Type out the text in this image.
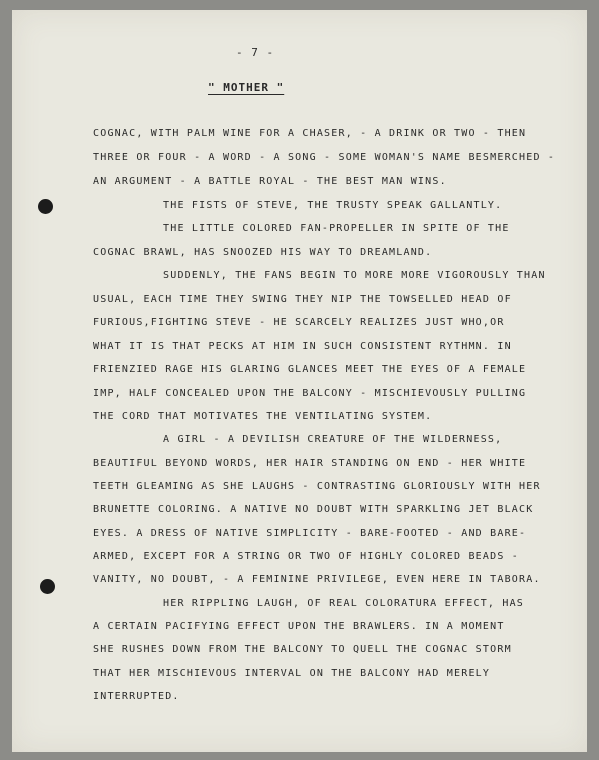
- 7 -
" MOTHER "
COGNAC, WITH PALM WINE FOR A CHASER, - A DRINK OR TWO - THEN
THREE OR FOUR - A WORD - A SONG - SOME WOMAN'S NAME BESMERCHED -
AN ARGUMENT - A BATTLE ROYAL - THE BEST MAN WINS.
THE FISTS OF STEVE, THE TRUSTY SPEAK GALLANTLY.
THE LITTLE COLORED FAN-PROPELLER IN SPITE OF THE
COGNAC BRAWL, HAS SNOOZED HIS WAY TO DREAMLAND.
SUDDENLY, THE FANS BEGIN TO MORE MORE VIGOROUSLY THAN
USUAL, EACH TIME THEY SWING THEY NIP THE TOWSELLED HEAD OF
FURIOUS,FIGHTING STEVE - HE SCARCELY REALIZES JUST WHO,OR
WHAT IT IS THAT PECKS AT HIM IN SUCH CONSISTENT RYTHMN. IN
FRIENZIED RAGE HIS GLARING GLANCES MEET THE EYES OF A FEMALE
IMP, HALF CONCEALED UPON THE BALCONY - MISCHIEVOUSLY PULLING
THE CORD THAT MOTIVATES THE VENTILATING SYSTEM.
A GIRL - A DEVILISH CREATURE OF THE WILDERNESS,
BEAUTIFUL BEYOND WORDS, HER HAIR STANDING ON END - HER WHITE
TEETH GLEAMING AS SHE LAUGHS - CONTRASTING GLORIOUSLY WITH HER
BRUNETTE COLORING. A NATIVE NO DOUBT WITH SPARKLING JET BLACK
EYES. A DRESS OF NATIVE SIMPLICITY - BARE-FOOTED - AND BARE-
ARMED, EXCEPT FOR A STRING OR TWO OF HIGHLY COLORED BEADS -
VANITY, NO DOUBT, - A FEMININE PRIVILEGE, EVEN HERE IN TABORA.
HER RIPPLING LAUGH, OF REAL COLORATURA EFFECT, HAS
A CERTAIN PACIFYING EFFECT UPON THE BRAWLERS. IN A MOMENT
SHE RUSHES DOWN FROM THE BALCONY TO QUELL THE COGNAC STORM
THAT HER MISCHIEVOUS INTERVAL ON THE BALCONY HAD MERELY
INTERRUPTED.
